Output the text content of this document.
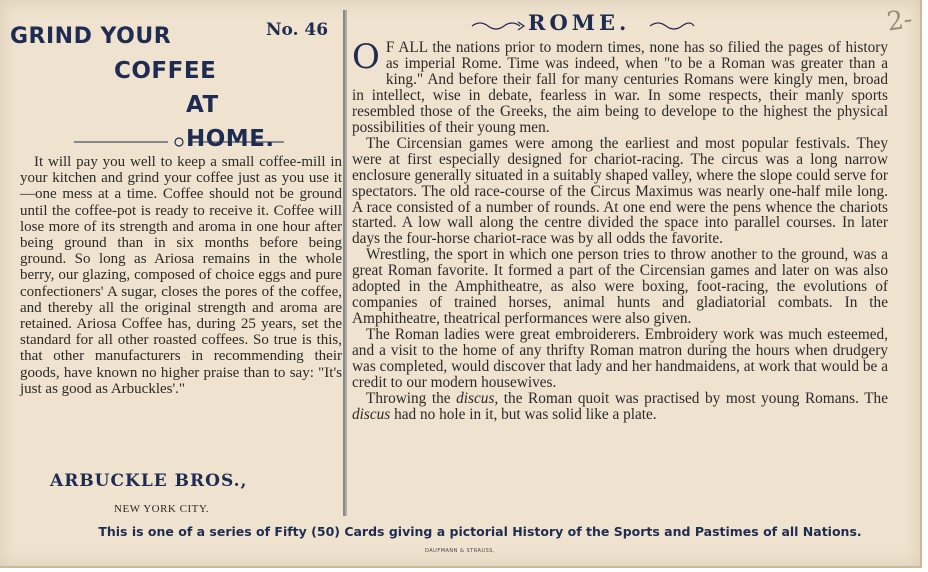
GRIND YOUR
COFFEE
AT HOME.
No. 46
It will pay you well to keep a small coffee-mill in your kitchen and grind your coffee just as you use it—one mess at a time. Coffee should not be ground until the coffee-pot is ready to receive it. Coffee will lose more of its strength and aroma in one hour after being ground than in six months before being ground. So long as Ariosa remains in the whole berry, our glazing, composed of choice eggs and pure confectioners' A sugar, closes the pores of the coffee, and thereby all the original strength and aroma are retained. Ariosa Coffee has, during 25 years, set the standard for all other roasted coffees. So true is this, that other manufacturers in recommending their goods, have known no higher praise than to say: "It's just as good as Arbuckles'."
ARBUCKLE BROS.,
NEW YORK CITY.
ROME.	2-

O F ALL the nations prior to modern times, none has so filied the pages of history as imperial Rome. Time was indeed, when "to be a Roman was greater than a king." And before their fall for many centuries Romans were kingly men, broad in intellect, wise in debate, fearless in war. In some respects, their manly sports resembled those of the Greeks, the aim being to develope to the highest the physical possibilities of their young men.

The Circensian games were among the earliest and most popular festivals. They were at first especially designed for chariot-racing. The circus was a long narrow enclosure generally situated in a suitably shaped valley, where the slope could serve for spectators. The old race-course of the Circus Maximus was nearly one-half mile long. A race consisted of a number of rounds. At one end were the pens whence the chariots started. A low wall along the centre divided the space into parallel courses. In later days the four-horse chariot-race was by all odds the favorite.

Wrestling, the sport in which one person tries to throw another to the ground, was a great Roman favorite. It formed a part of the Circensian games and later on was also adopted in the Amphitheatre, as also were boxing, foot-racing, the evolutions of companies of trained horses, animal hunts and gladiatorial combats. In the Amphitheatre, theatrical performances were also given.

The Roman ladies were great embroiderers. Embroidery work was much esteemed, and a visit to the home of any thrifty Roman matron during the hours when drudgery was completed, would discover that lady and her handmaidens, at work that would be a credit to our modern housewives.

Throwing the discus, the Roman quoit was practised by most young Romans. The discus had no hole in it, but was solid like a plate.

This is one of a series of Fifty (50) Cards giving a pictorial History of the Sports and Pastimes of all Nations.
DAUFMANN & STRAUSS,
